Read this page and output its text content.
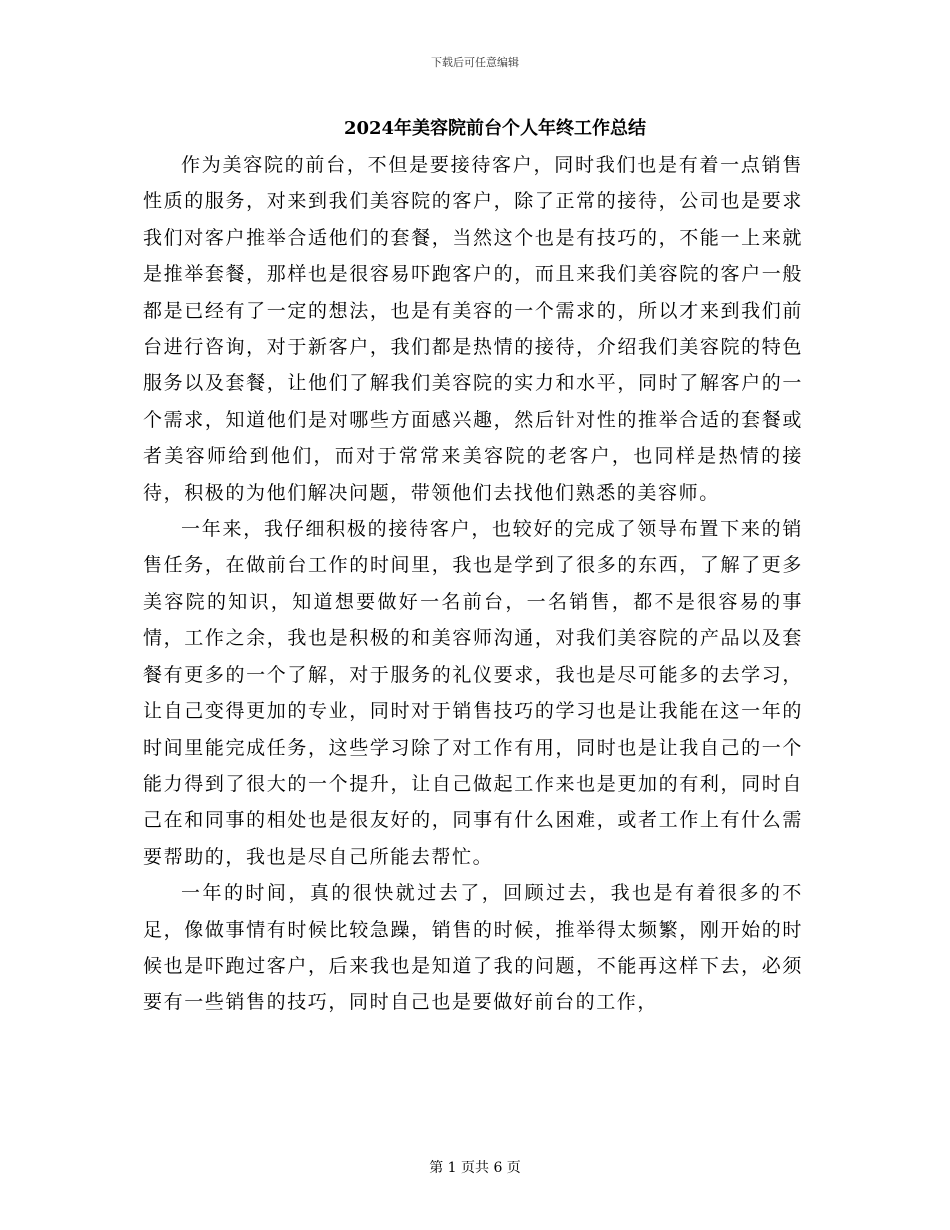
下载后可任意编辑
2024年美容院前台个人年终工作总结

作为美容院的前台，不但是要接待客户，同时我们也是有着一点销售性质的服务，对来到我们美容院的客户，除了正常的接待，公司也是要求我们对客户推举合适他们的套餐，当然这个也是有技巧的，不能一上来就是推举套餐，那样也是很容易吓跑客户的，而且来我们美容院的客户一般都是已经有了一定的想法，也是有美容的一个需求的，所以才来到我们前台进行咨询，对于新客户，我们都是热情的接待，介绍我们美容院的特色服务以及套餐，让他们了解我们美容院的实力和水平，同时了解客户的一个需求，知道他们是对哪些方面感兴趣，然后针对性的推举合适的套餐或者美容师给到他们，而对于常常来美容院的老客户，也同样是热情的接待，积极的为他们解决问题，带领他们去找他们熟悉的美容师。

一年来，我仔细积极的接待客户，也较好的完成了领导布置下来的销售任务，在做前台工作的时间里，我也是学到了很多的东西，了解了更多美容院的知识，知道想要做好一名前台，一名销售，都不是很容易的事情，工作之余，我也是积极的和美容师沟通，对我们美容院的产品以及套餐有更多的一个了解，对于服务的礼仪要求，我也是尽可能多的去学习，让自己变得更加的专业，同时对于销售技巧的学习也是让我能在这一年的时间里能完成任务，这些学习除了对工作有用，同时也是让我自己的一个能力得到了很大的一个提升，让自己做起工作来也是更加的有利，同时自己在和同事的相处也是很友好的，同事有什么困难，或者工作上有什么需要帮助的，我也是尽自己所能去帮忙。

一年的时间，真的很快就过去了，回顾过去，我也是有着很多的不足，像做事情有时候比较急躁，销售的时候，推举得太频繁，刚开始的时候也是吓跑过客户，后来我也是知道了我的问题，不能再这样下去，必须要有一些销售的技巧，同时自己也是要做好前台的工作，

第 1 页共 6 页
